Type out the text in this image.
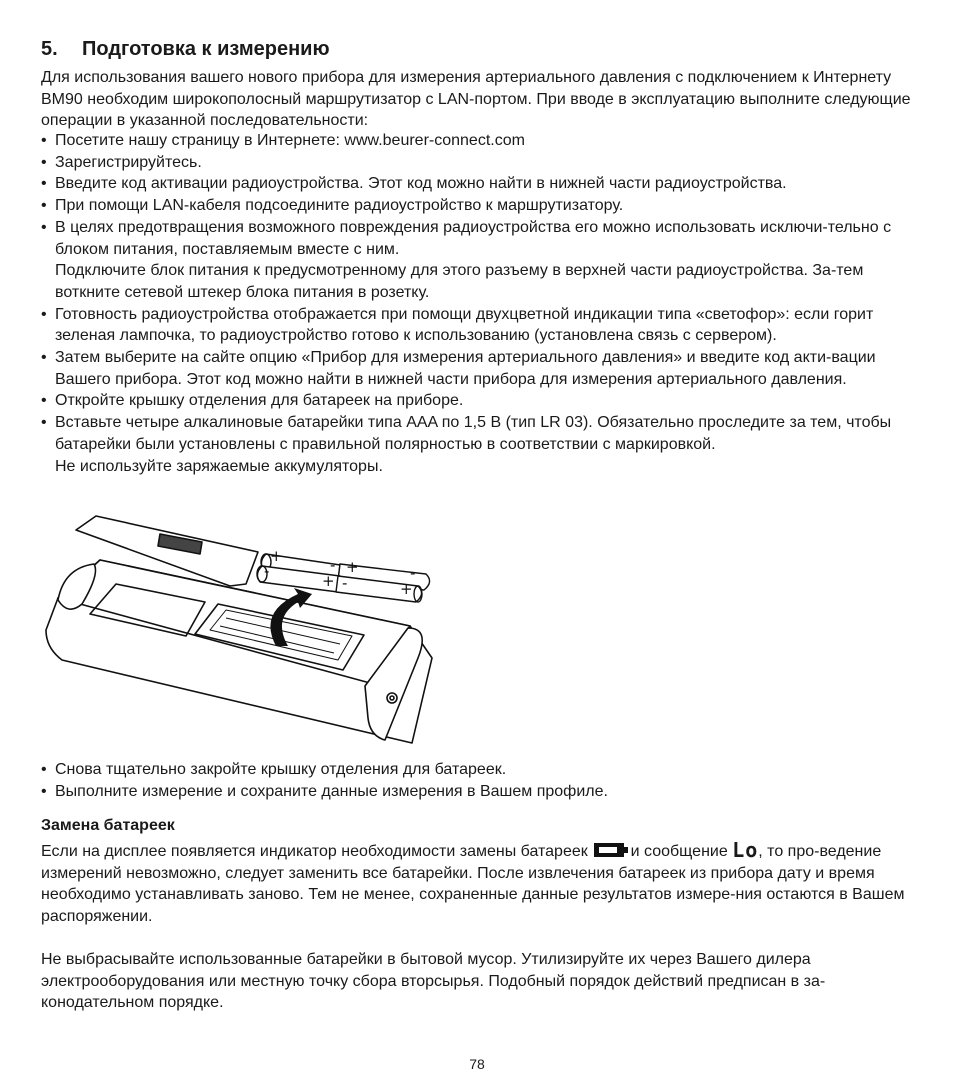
5. Подготовка к измерению

Для использования вашего нового прибора для измерения артериального давления с подключением к Интернету BM90 необходим широкополосный маршрутизатор с LAN-портом. При вводе в эксплуатацию выполните следующие операции в указанной последовательности:

• Посетите нашу страницу в Интернете: www.beurer-connect.com
• Зарегистрируйтесь.
• Введите код активации радиоустройства. Этот код можно найти в нижней части радиоустройства.
• При помощи LAN-кабеля подсоедините радиоустройство к маршрутизатору.
• В целях предотвращения возможного повреждения радиоустройства его можно использовать исключи-тельно с блоком питания, поставляемым вместе с ним.
Подключите блок питания к предусмотренному для этого разъему в верхней части радиоустройства. За-тем воткните сетевой штекер блока питания в розетку.
• Готовность радиоустройства отображается при помощи двухцветной индикации типа «светофор»: если горит зеленая лампочка, то радиоустройство готово к использованию (установлена связь с сервером).
• Затем выберите на сайте опцию «Прибор для измерения артериального давления» и введите код акти-вации Вашего прибора. Этот код можно найти в нижней части прибора для измерения артериального давления.
• Откройте крышку отделения для батареек на приборе.
• Вставьте четыре алкалиновые батарейки типа AAA по 1,5 В (тип LR 03). Обязательно проследите за тем, чтобы батарейки были установлены с правильной полярностью в соответствии с маркировкой.
Не используйте заряжаемые аккумуляторы.
+	- +	-
-
+ -	+
• Снова тщательно закройте крышку отделения для батареек.
• Выполните измерение и сохраните данные измерения в Вашем профиле.
Замена батареек

Если на дисплее появляется индикатор необходимости замены батареек	и сообщение Lo, то про-ведение измерений невозможно, следует заменить все батарейки. После извлечения батареек из прибора дату и время необходимо устанавливать заново. Тем не менее, сохраненные данные результатов измере-ния остаются в Вашем распоряжении.

Не выбрасывайте использованные батарейки в бытовой мусор. Утилизируйте их через Вашего дилера электрооборудования или местную точку сбора вторсырья. Подобный порядок действий предписан в за-конодательном порядке.

78
